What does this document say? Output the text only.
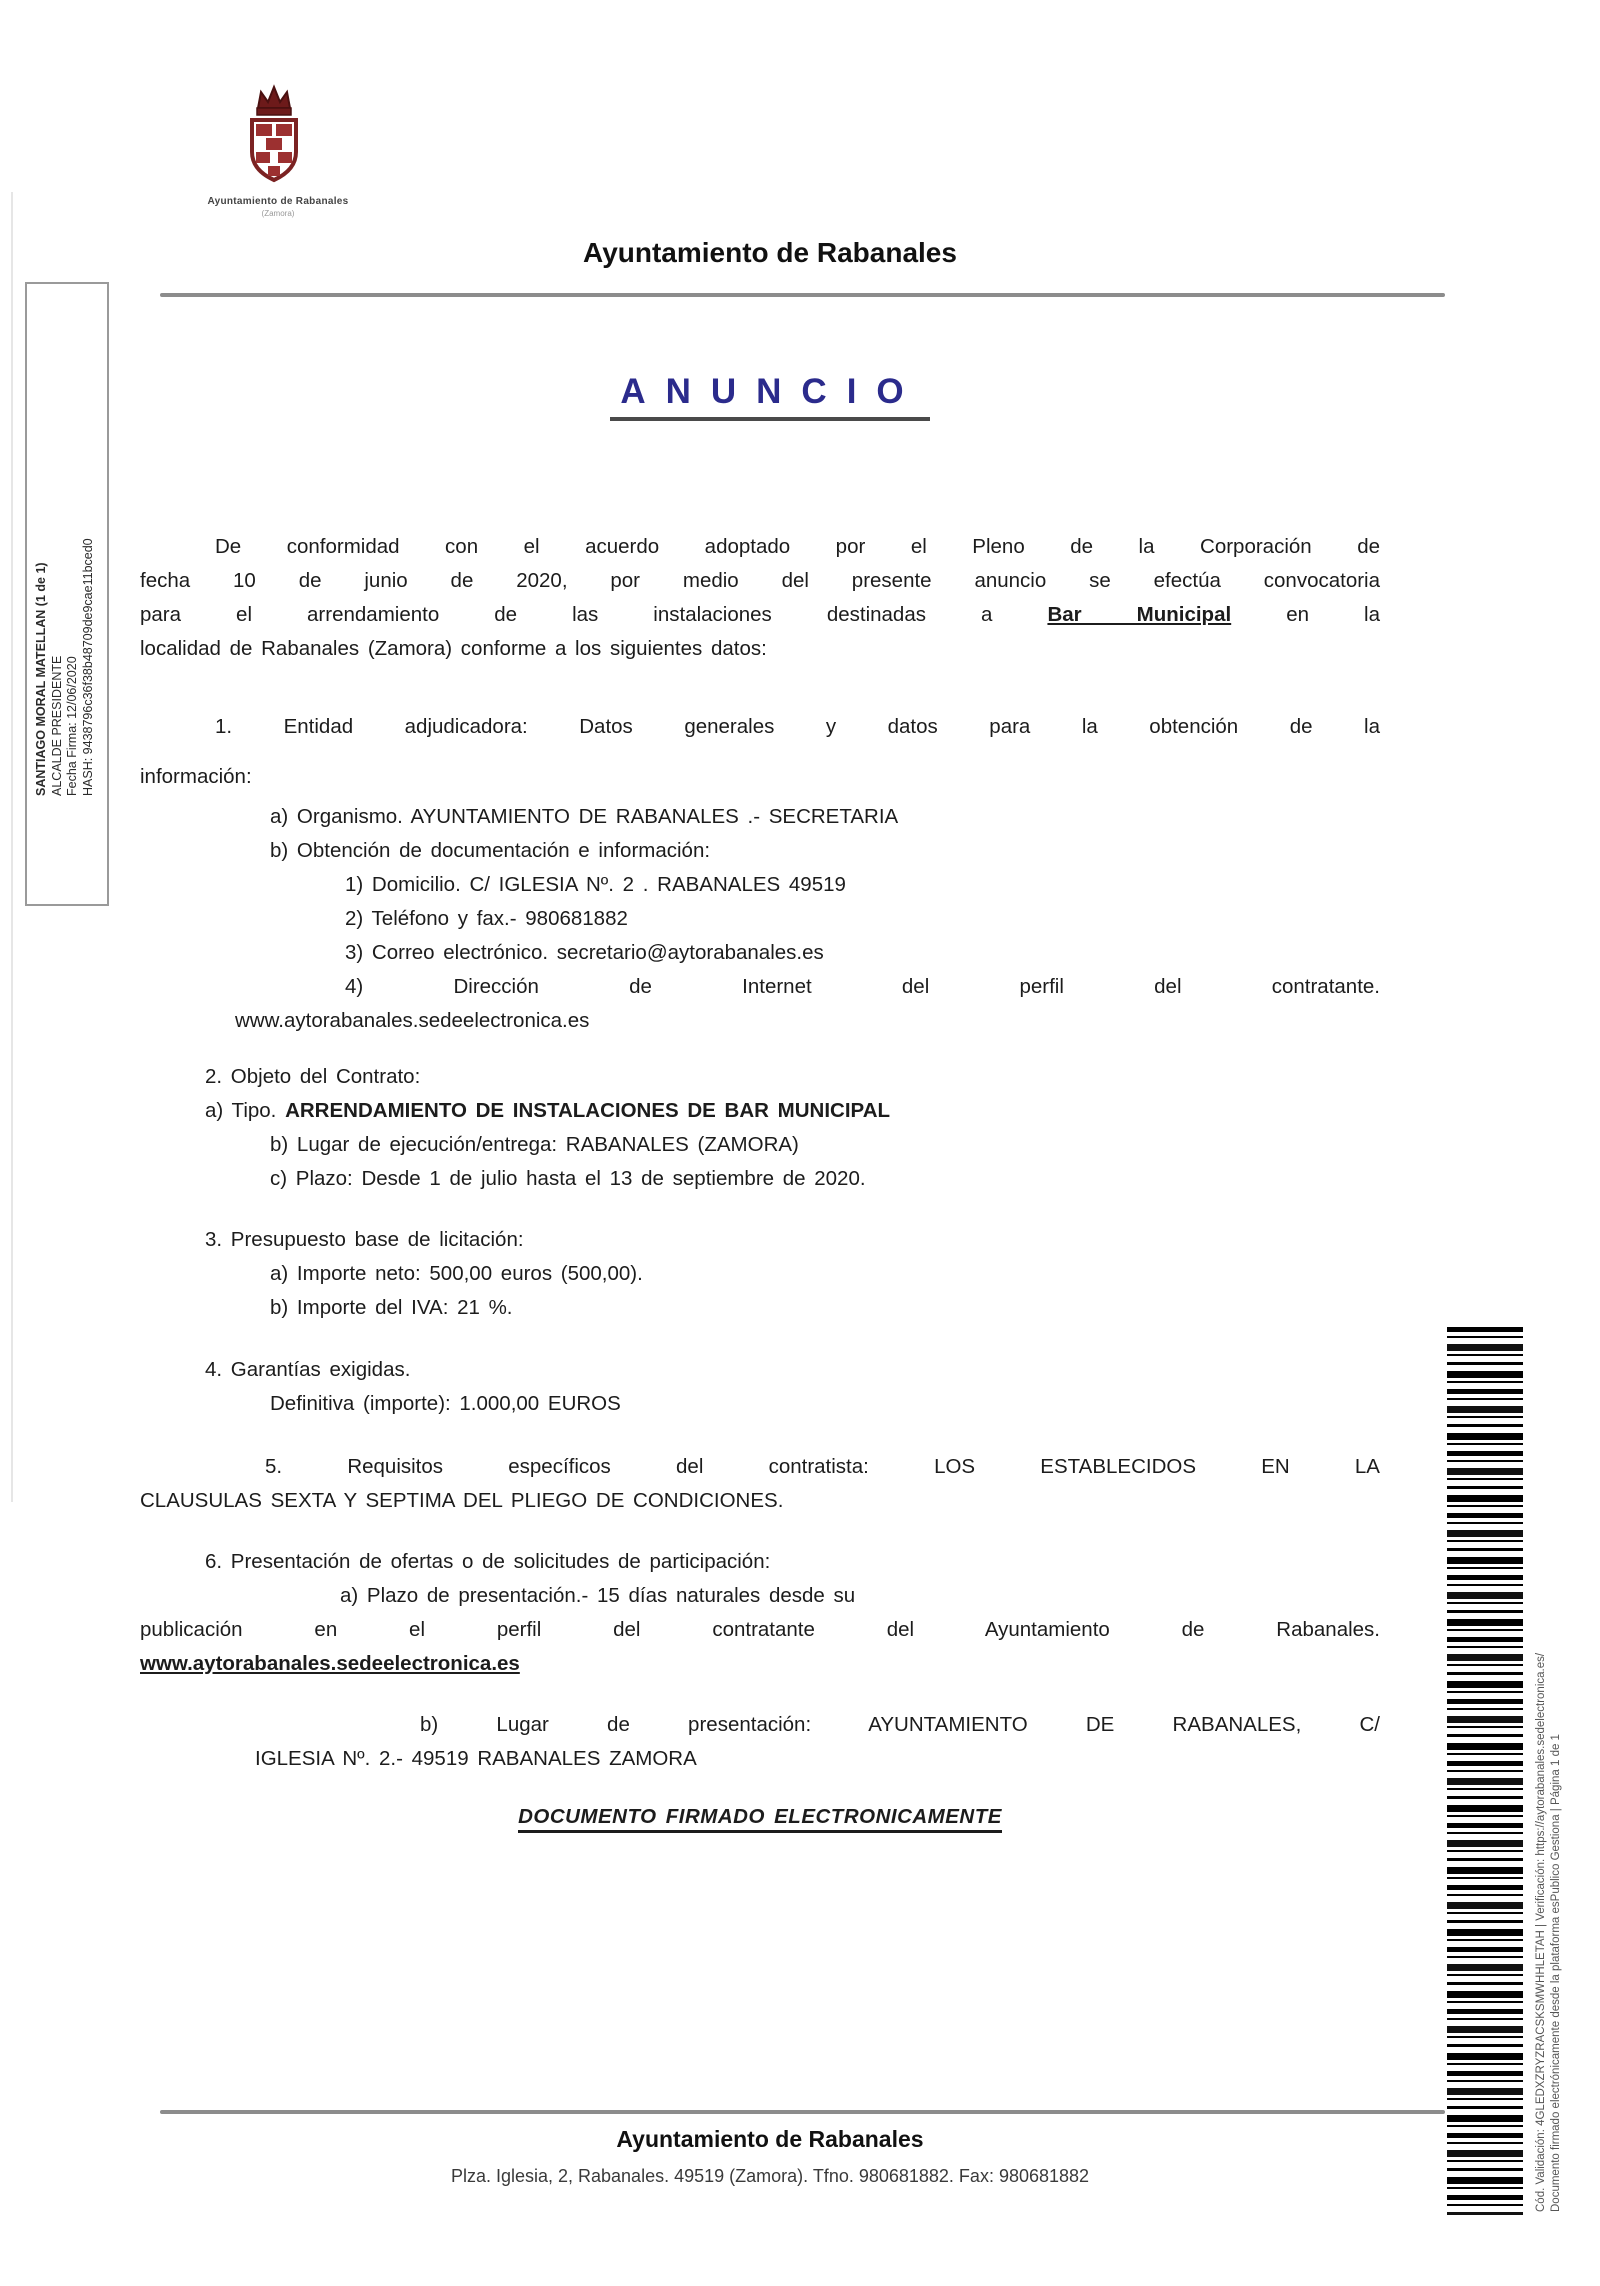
Ayuntamiento de Rabanales
(Zamora)
Ayuntamiento de Rabanales
ANUNCIO
SANTIAGO MORAL MATELLAN (1 de 1) ALCALDE PRESIDENTE Fecha Firma: 12/06/2020 HASH: 9438796c36f38b48709de9cae11bced0	De conformidad con el acuerdo adoptado por el Pleno de la Corporación de
fecha 10 de junio de 2020, por medio del presente anuncio se efectúa convocatoria
para el arrendamiento de las instalaciones destinadas a Bar Municipal en la
localidad de Rabanales (Zamora) conforme a los siguientes datos:
1. Entidad adjudicadora: Datos generales y datos para la obtención de la
información:
a) Organismo. AYUNTAMIENTO DE RABANALES .- SECRETARIA
b) Obtención de documentación e información:
1) Domicilio. C/ IGLESIA Nº. 2 . RABANALES 49519
2) Teléfono y fax.- 980681882
3) Correo electrónico. secretario@aytorabanales.es
4) Dirección de Internet del perfil del contratante.
www.aytorabanales.sedeelectronica.es
2. Objeto del Contrato:
a) Tipo. ARRENDAMIENTO DE INSTALACIONES DE BAR MUNICIPAL
b) Lugar de ejecución/entrega: RABANALES (ZAMORA)
c) Plazo: Desde 1 de julio hasta el 13 de septiembre de 2020.
3. Presupuesto base de licitación:
a) Importe neto: 500,00 euros (500,00).
b) Importe del IVA: 21 %.
4. Garantías exigidas.
Definitiva (importe): 1.000,00 EUROS
5. Requisitos específicos del contratista: LOS ESTABLECIDOS EN LA
CLAUSULAS SEXTA Y SEPTIMA DEL PLIEGO DE CONDICIONES.
6. Presentación de ofertas o de solicitudes de participación:
a) Plazo de presentación.- 15 días naturales desde su
publicación en el perfil del contratante del Ayuntamiento de Rabanales.
www.aytorabanales.sedeelectronica.es
b) Lugar de presentación: AYUNTAMIENTO DE RABANALES, C/
IGLESIA Nº. 2.- 49519 RABANALES ZAMORA
DOCUMENTO FIRMADO ELECTRONICAMENTE	Cód. Validación: 4GLEDXZRYZRACSKSMWHHLETAH | Verificación: https://aytorabanales.sedelectronica.es/ Documento firmado electrónicamente desde la plataforma esPublico Gestiona | Página 1 de 1
Ayuntamiento de Rabanales
Plza. Iglesia, 2, Rabanales. 49519 (Zamora). Tfno. 980681882. Fax: 980681882
